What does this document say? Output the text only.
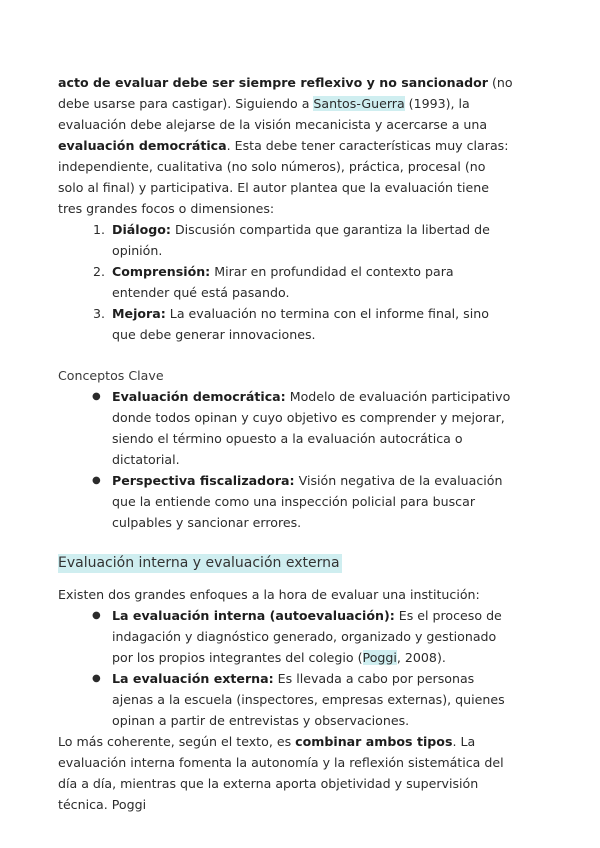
acto de evaluar debe ser siempre reflexivo y no sancionador (no debe usarse para castigar). Siguiendo a Santos-Guerra (1993), la evaluación debe alejarse de la visión mecanicista y acercarse a una evaluación democrática. Esta debe tener características muy claras: independiente, cualitativa (no solo números), práctica, procesal (no solo al final) y participativa. El autor plantea que la evaluación tiene tres grandes focos o dimensiones:

1. Diálogo: Discusión compartida que garantiza la libertad de opinión.
2. Comprensión: Mirar en profundidad el contexto para entender qué está pasando.
3. Mejora: La evaluación no termina con el informe final, sino que debe generar innovaciones.

Conceptos Clave

● Evaluación democrática: Modelo de evaluación participativo donde todos opinan y cuyo objetivo es comprender y mejorar, siendo el término opuesto a la evaluación autocrática o dictatorial.
● Perspectiva fiscalizadora: Visión negativa de la evaluación que la entiende como una inspección policial para buscar culpables y sancionar errores.

Evaluación interna y evaluación externa

Existen dos grandes enfoques a la hora de evaluar una institución:

● La evaluación interna (autoevaluación): Es el proceso de indagación y diagnóstico generado, organizado y gestionado por los propios integrantes del colegio (Poggi, 2008).
● La evaluación externa: Es llevada a cabo por personas ajenas a la escuela (inspectores, empresas externas), quienes opinan a partir de entrevistas y observaciones.

Lo más coherente, según el texto, es combinar ambos tipos. La evaluación interna fomenta la autonomía y la reflexión sistemática del día a día, mientras que la externa aporta objetividad y supervisión técnica. Poggi
